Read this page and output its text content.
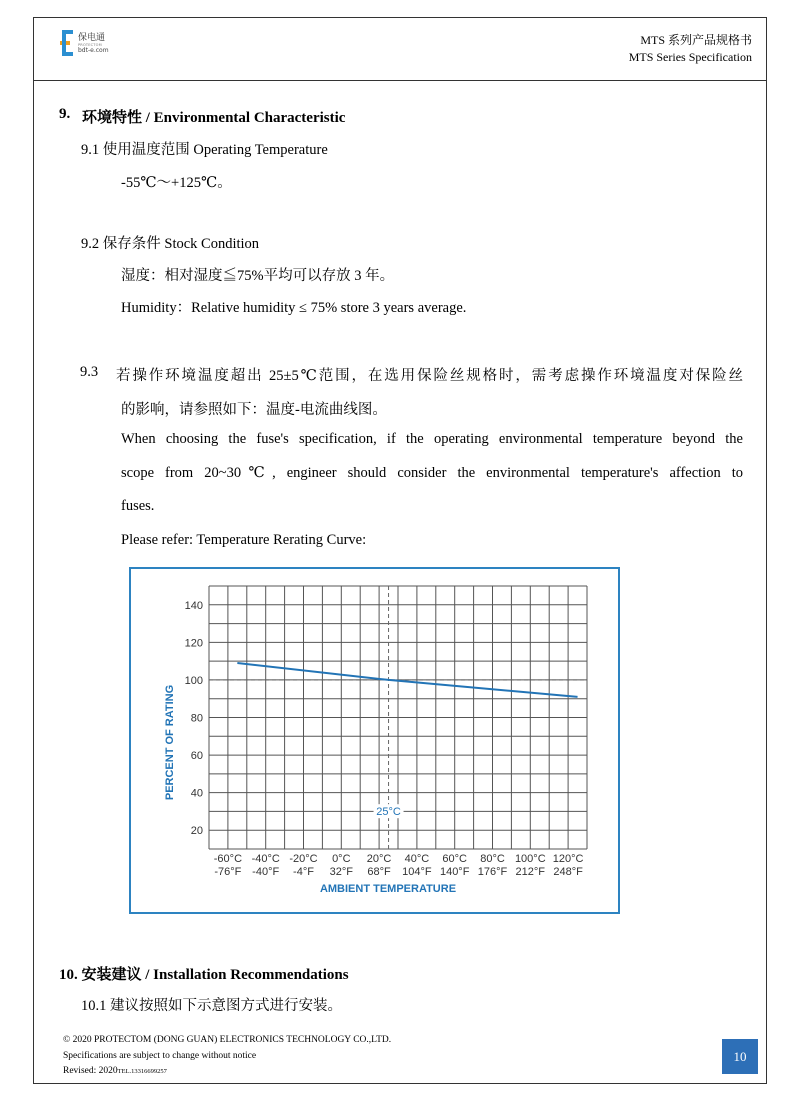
保电通
PROTECTOM
bdt-e.com
MTS 系列产品规格书
MTS Series Specification
9. 环境特性 / Environmental Characteristic
9.1 使用温度范围 Operating Temperature
-55℃～+125℃。
9.2 保存条件 Stock Condition
湿度：相对湿度≦75%平均可以存放 3 年。
Humidity：Relative humidity ≤ 75% store 3 years average.
9.3 若操作环境温度超出 25±5℃范围，在选用保险丝规格时，需考虑操作环境温度对保险丝
的影响，请参照如下：温度-电流曲线图。
When choosing the fuse's specification, if the operating environmental temperature beyond the
scope from 20~30℃, engineer should consider the environmental temperature's affection to
fuses.
Please refer: Temperature Rerating Curve:
25°C
140
120
100
80
60
40
20
-60°C -40°C -20°C 0°C 20°C 40°C 60°C 80°C 100°C 120°C
-76°F -40°F -4°F 32°F 68°F 104°F 140°F 176°F 212°F 248°F
AMBIENT TEMPERATURE
PERCENT OF RATING
10. 安装建议 / Installation Recommendations
10.1 建议按照如下示意图方式进行安装。
© 2020 PROTECTOM (DONG GUAN) ELECTRONICS TECHNOLOGY CO.,LTD.
Specifications are subject to change without notice
Revised: 2020TEL.13316699257
10
